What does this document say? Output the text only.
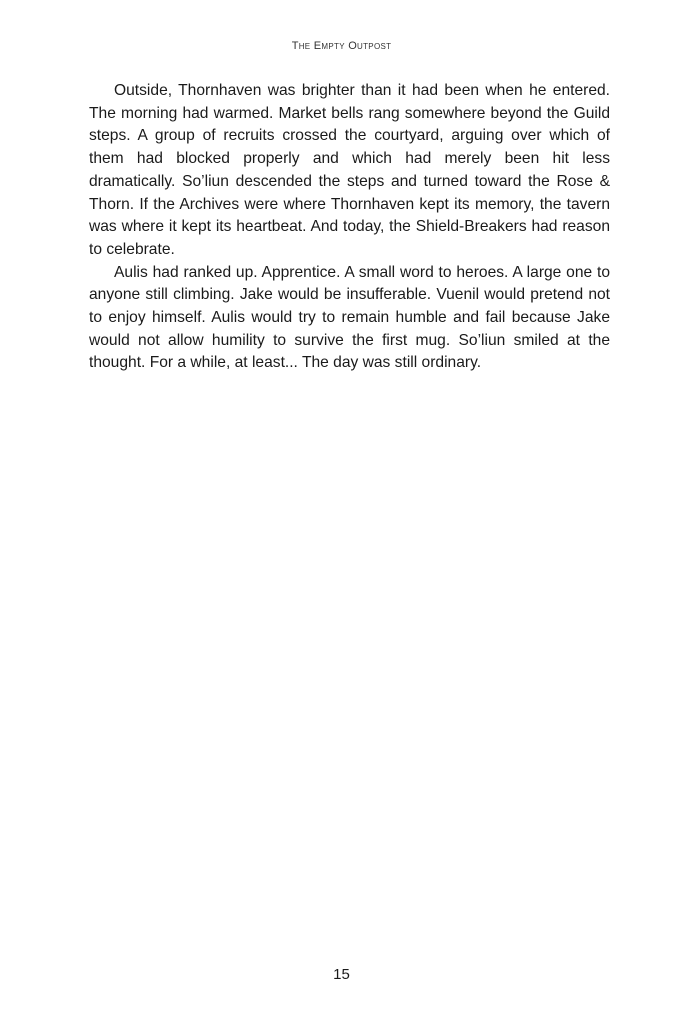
The Empty Outpost

Outside, Thornhaven was brighter than it had been when he entered. The morning had warmed. Market bells rang somewhere beyond the Guild steps. A group of recruits crossed the courtyard, arguing over which of them had blocked properly and which had merely been hit less dramatically. So’liun descended the steps and turned toward the Rose & Thorn. If the Archives were where Thornhaven kept its memory, the tavern was where it kept its heartbeat. And today, the Shield-Breakers had reason to celebrate.

Aulis had ranked up. Apprentice. A small word to heroes. A large one to anyone still climbing. Jake would be insufferable. Vuenil would pretend not to enjoy himself. Aulis would try to remain humble and fail because Jake would not allow humility to survive the first mug. So’liun smiled at the thought. For a while, at least... The day was still ordinary.

15
